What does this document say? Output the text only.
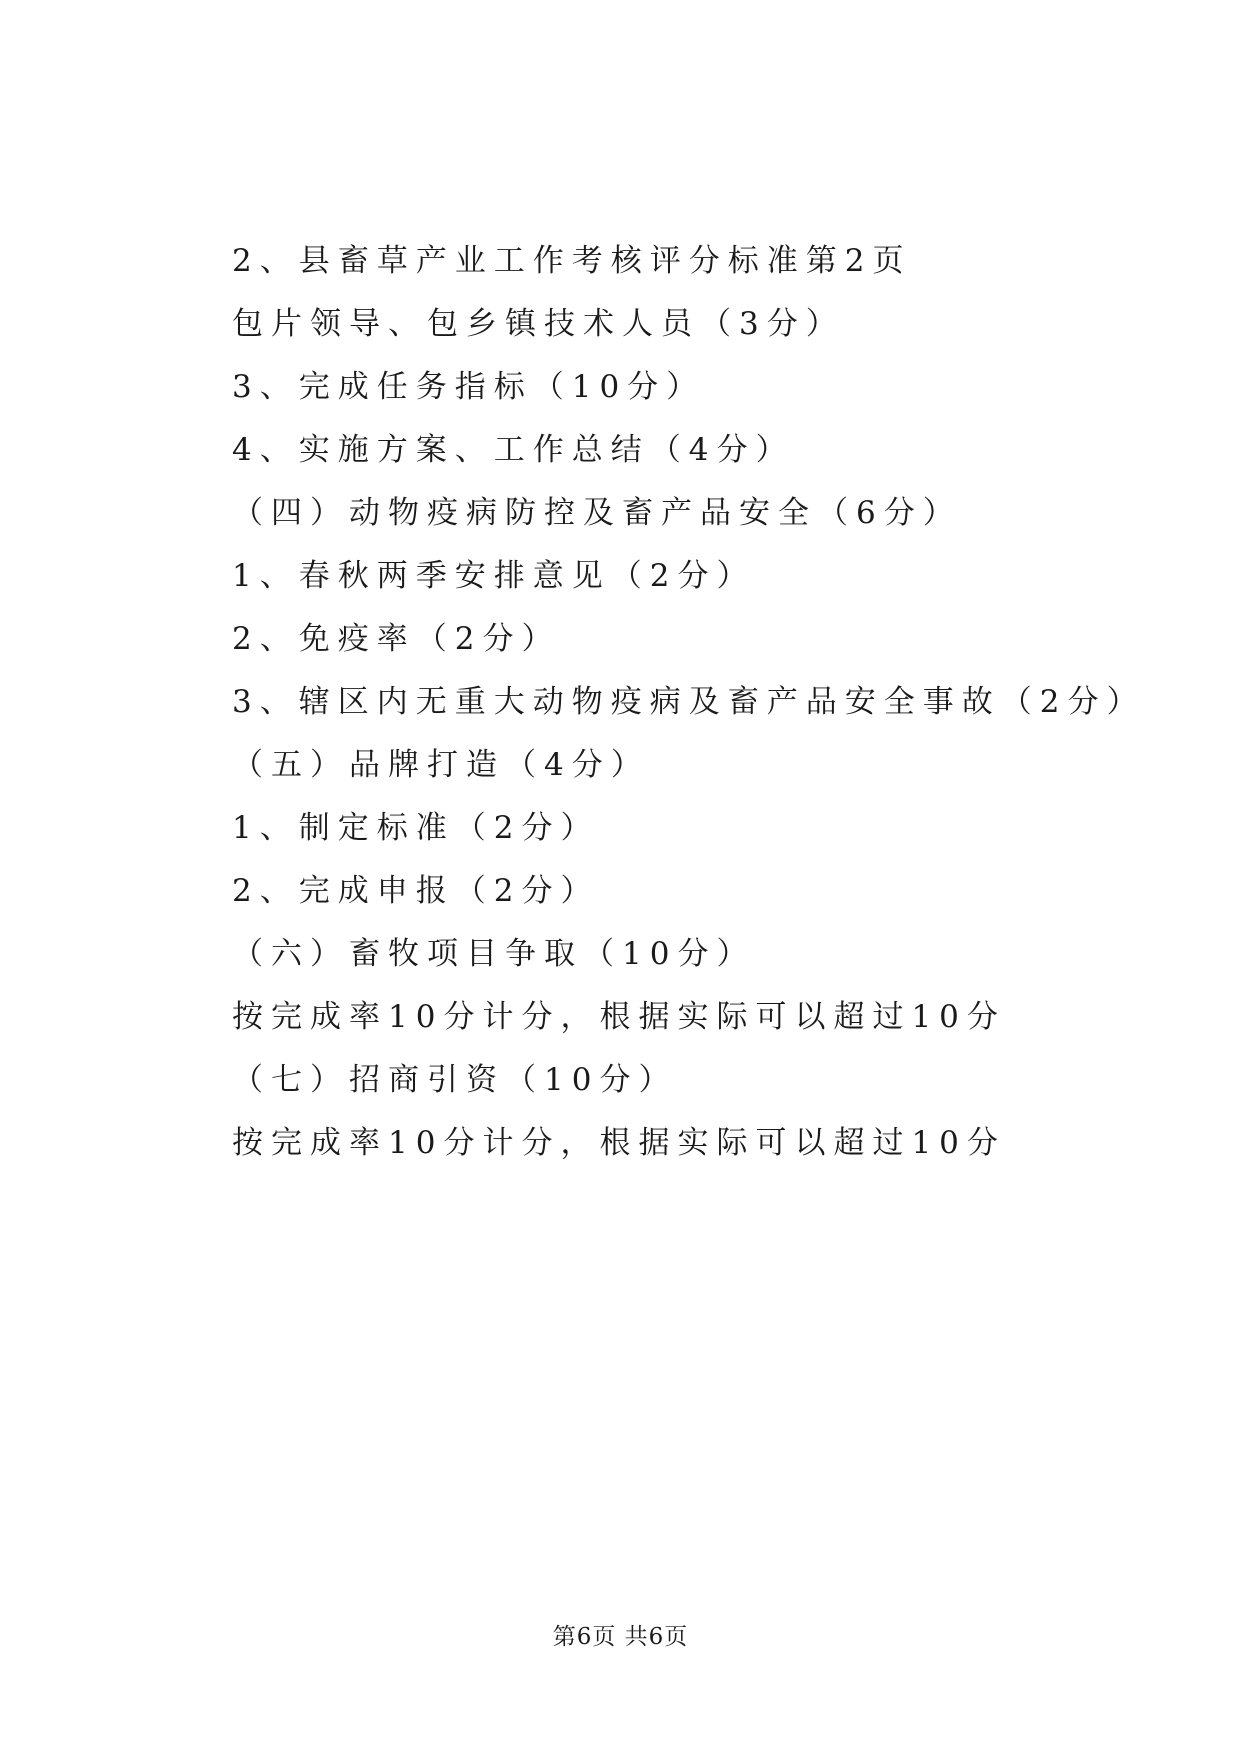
2、县畜草产业工作考核评分标准第2页
包片领导、包乡镇技术人员（3分）
3、完成任务指标（10分）
4、实施方案、工作总结（4分）
（四）动物疫病防控及畜产品安全（6分）
1、春秋两季安排意见（2分）
2、免疫率（2分）
3、辖区内无重大动物疫病及畜产品安全事故（2分）
（五）品牌打造（4分）
1、制定标准（2分）
2、完成申报（2分）
（六）畜牧项目争取（10分）
按完成率10分计分，根据实际可以超过10分
（七）招商引资（10分）
按完成率10分计分，根据实际可以超过10分
第6页 共6页
